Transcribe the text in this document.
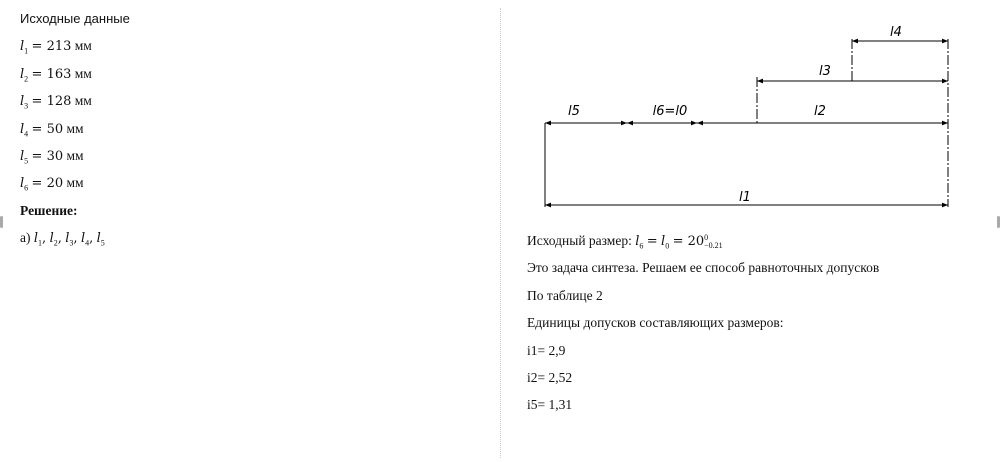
Исходные данные
$l_1 = 213$ мм
$l_2 = 163$ мм
$l_3 = 128$ мм
$l_4 = 50$ мм
$l_5 = 30$ мм
$l_6 = 20$ мм
Решение:
а) $l_1$, $l_2$, $l_3$, $l_4$, $l_5$
l1
l2
l3
l4
l5	l6=l0
Исходный размер: $l_6 = l_0 = 20$ 0
−0.21
Это задача синтеза. Решаем ее способ равноточных допусков
По таблице 2
Единицы допусков составляющих размеров:
i1= 2,9
i2= 2,52
i5= 1,31
